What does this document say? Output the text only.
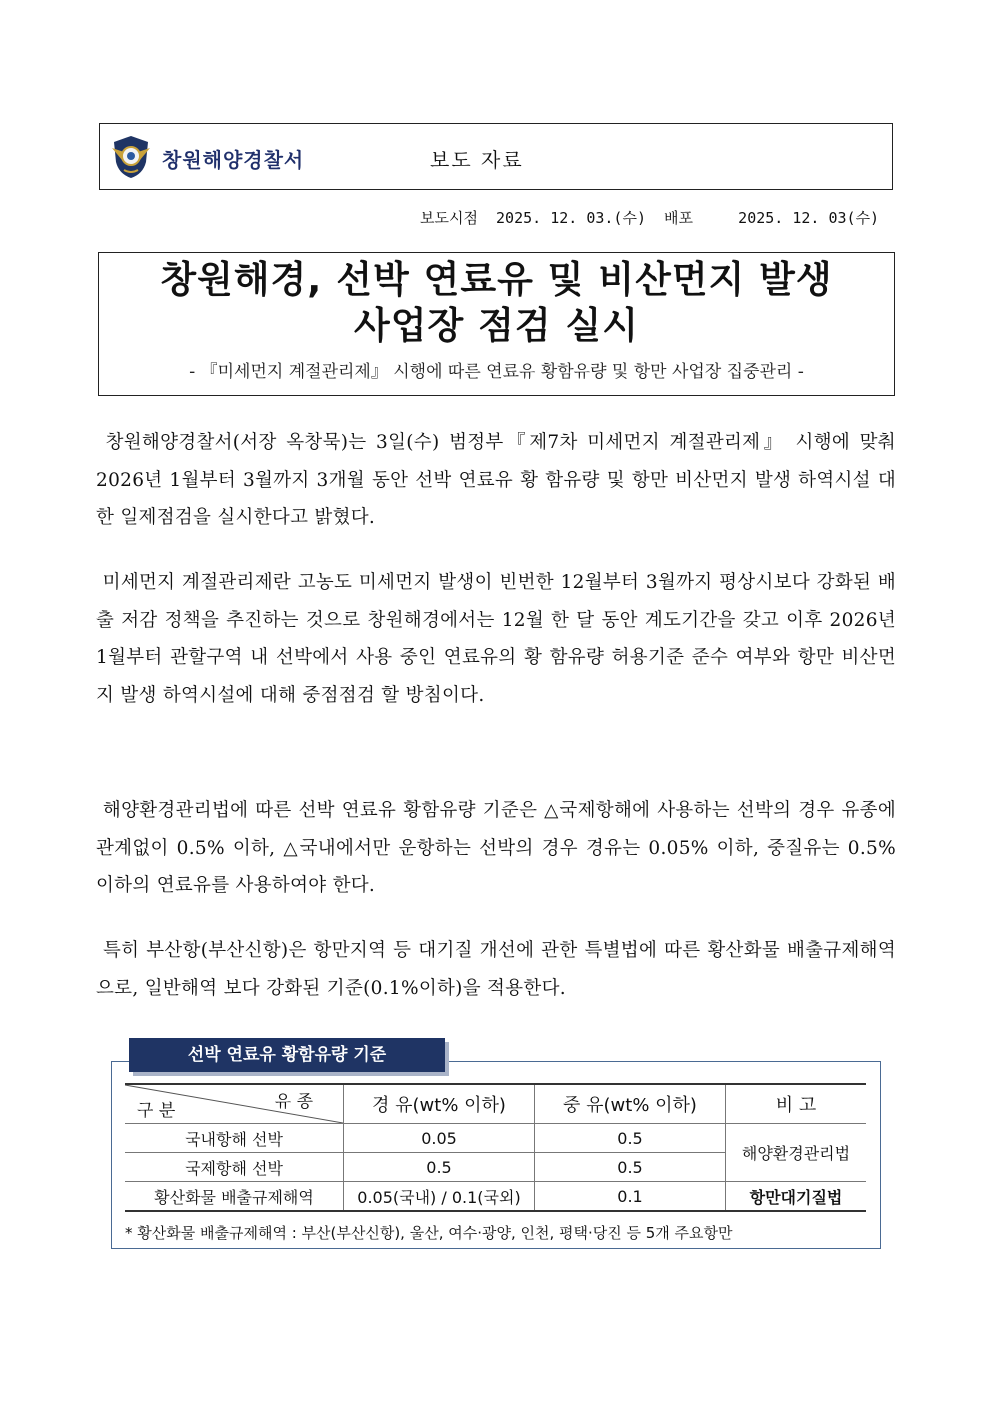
창원해양경찰서	보도 자료
보도시점  2025. 12. 03.(수)  배포     2025. 12. 03(수)
창원해경, 선박 연료유 및 비산먼지 발생
사업장 점검 실시
- 『미세먼지 계절관리제』 시행에 따른 연료유 황함유량 및 항만 사업장 집중관리 -
창원해양경찰서(서장 옥창묵)는 3일(수) 범정부『제7차 미세먼지 계절관리제』 시행에 맞춰 2026년 1월부터 3월까지 3개월 동안 선박 연료유 황 함유량 및 항만 비산먼지 발생 하역시설 대한 일제점검을 실시한다고 밝혔다.
미세먼지 계절관리제란 고농도 미세먼지 발생이 빈번한 12월부터 3월까지 평상시보다 강화된 배출 저감 정책을 추진하는 것으로 창원해경에서는 12월 한 달 동안 계도기간을 갖고 이후 2026년 1월부터 관할구역 내 선박에서 사용 중인 연료유의 황 함유량 허용기준 준수 여부와 항만 비산먼지 발생 하역시설에 대해 중점점검 할 방침이다.
해양환경관리법에 따른 선박 연료유 황함유량 기준은 △국제항해에 사용하는 선박의 경우 유종에 관계없이 0.5% 이하, △국내에서만 운항하는 선박의 경우 경유는 0.05% 이하, 중질유는 0.5% 이하의 연료유를 사용하여야 한다.
특히 부산항(부산신항)은 항만지역 등 대기질 개선에 관한 특별법에 따른 황산화물 배출규제해역으로, 일반해역 보다 강화된 기준(0.1%이하)을 적용한다.
선박 연료유 황함유량 기준
유 종
구 분	경 유(wt% 이하)	중 유(wt% 이하)	비 고
국내항해 선박	0.05	0.5	해양환경관리법
국제항해 선박	0.5	0.5	
황산화물 배출규제해역	0.05(국내) / 0.1(국외)	0.1	항만대기질법
* 황산화물 배출규제해역 : 부산(부산신항), 울산, 여수·광양, 인천, 평택·당진 등 5개 주요항만
